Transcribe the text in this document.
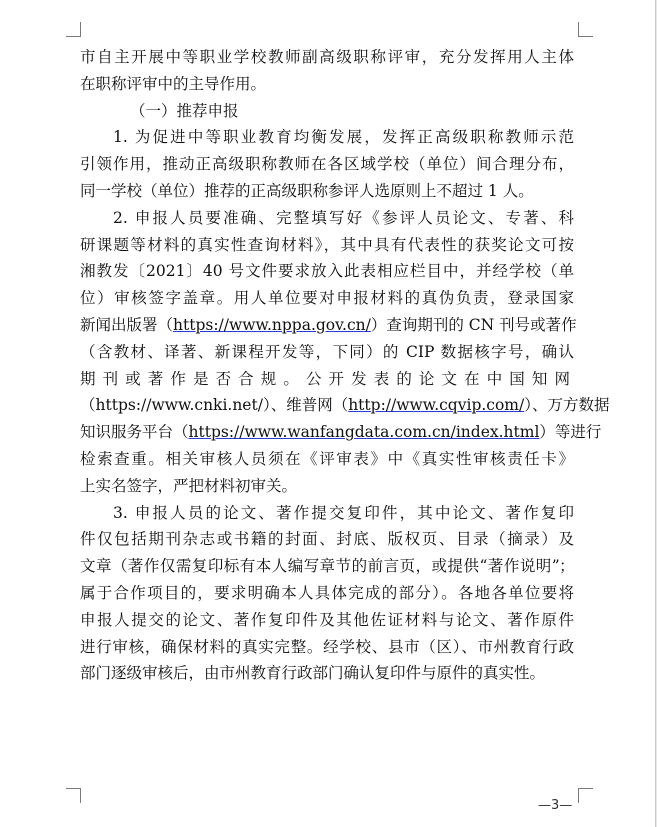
市自主开展中等职业学校教师副高级职称评审，充分发挥用人主体
在职称评审中的主导作用。
（一）推荐申报
1. 为促进中等职业教育均衡发展，发挥正高级职称教师示范
引领作用，推动正高级职称教师在各区域学校（单位）间合理分布，
同一学校（单位）推荐的正高级职称参评人选原则上不超过 1 人。
2. 申报人员要准确、完整填写好《参评人员论文、专著、科
研课题等材料的真实性查询材料》，其中具有代表性的获奖论文可按
湘教发〔2021〕40 号文件要求放入此表相应栏目中，并经学校（单
位）审核签字盖章。用人单位要对申报材料的真伪负责，登录国家
新闻出版署（https://www.nppa.gov.cn/）查询期刊的 CN 刊号或著作
（含教材、译著、新课程开发等，下同）的 CIP 数据核字号，确认
期刊或著作是否合规。公开发表的论文在中国知网
（https://www.cnki.net/）、维普网（http://www.cqvip.com/）、万方数据
知识服务平台（https://www.wanfangdata.com.cn/index.html）等进行
检索查重。相关审核人员须在《评审表》中《真实性审核责任卡》
上实名签字，严把材料初审关。
3. 申报人员的论文、著作提交复印件，其中论文、著作复印
件仅包括期刊杂志或书籍的封面、封底、版权页、目录（摘录）及
文章（著作仅需复印标有本人编写章节的前言页，或提供“著作说明”；
属于合作项目的，要求明确本人具体完成的部分）。各地各单位要将
申报人提交的论文、著作复印件及其他佐证材料与论文、著作原件
进行审核，确保材料的真实完整。经学校、县市（区）、市州教育行政
部门逐级审核后，由市州教育行政部门确认复印件与原件的真实性。
—3—
